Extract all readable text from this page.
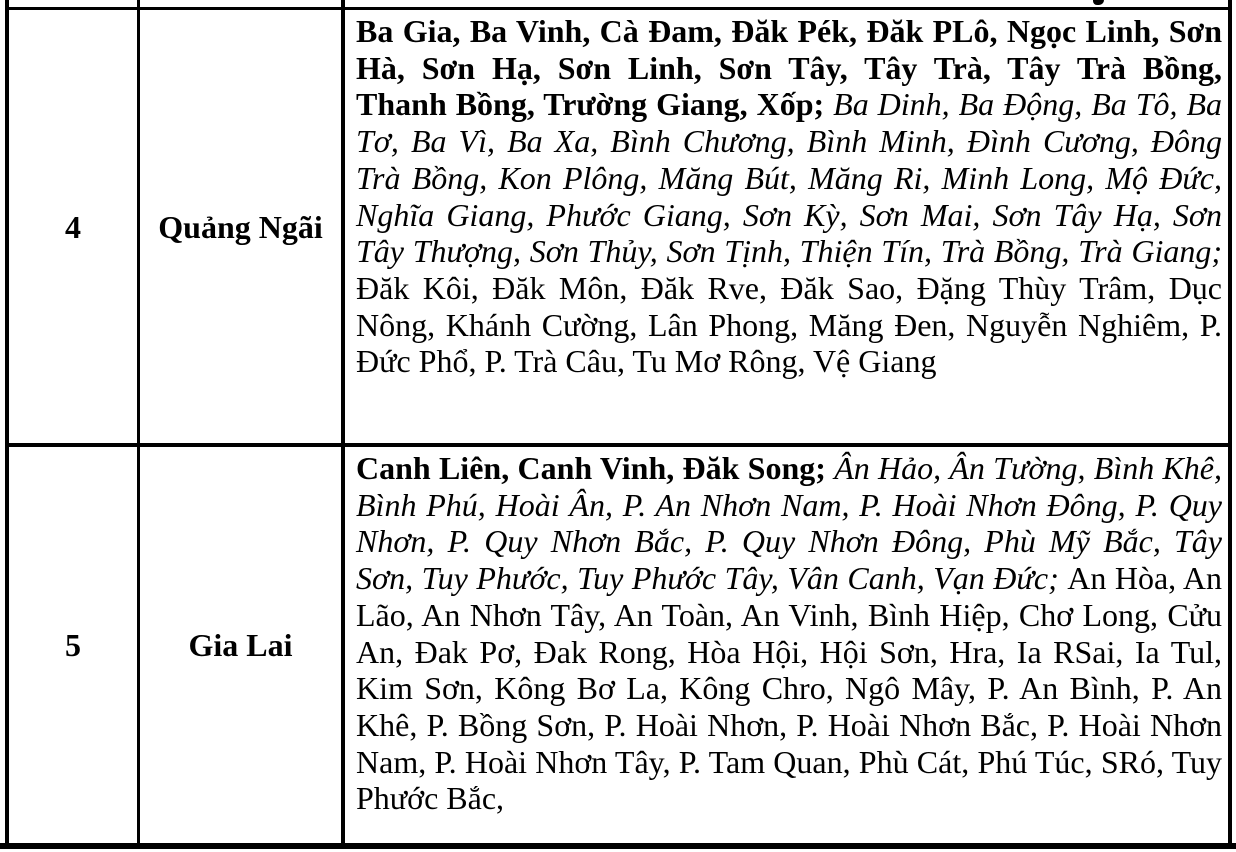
4 Quảng Ngãi
Ba Gia, Ba Vinh, Cà Đam, Đăk Pék, Đăk PLô, Ngọc Linh, Sơn Hà, Sơn Hạ, Sơn Linh, Sơn Tây, Tây Trà, Tây Trà Bồng, Thanh Bồng, Trường Giang, Xốp; Ba Dinh, Ba Động, Ba Tô, Ba Tơ, Ba Vì, Ba Xa, Bình Chương, Bình Minh, Đình Cương, Đông Trà Bồng, Kon Plông, Măng Bút, Măng Ri, Minh Long, Mộ Đức, Nghĩa Giang, Phước Giang, Sơn Kỳ, Sơn Mai, Sơn Tây Hạ, Sơn Tây Thượng, Sơn Thủy, Sơn Tịnh, Thiện Tín, Trà Bồng, Trà Giang; Đăk Kôi, Đăk Môn, Đăk Rve, Đăk Sao, Đặng Thùy Trâm, Dục Nông, Khánh Cường, Lân Phong, Măng Đen, Nguyễn Nghiêm, P. Đức Phổ, P. Trà Câu, Tu Mơ Rông, Vệ Giang
5	Gia Lai
Canh Liên, Canh Vinh, Đăk Song; Ân Hảo, Ân Tường, Bình Khê, Bình Phú, Hoài Ân, P. An Nhơn Nam, P. Hoài Nhơn Đông, P. Quy Nhơn, P. Quy Nhơn Bắc, P. Quy Nhơn Đông, Phù Mỹ Bắc, Tây Sơn, Tuy Phước, Tuy Phước Tây, Vân Canh, Vạn Đức; An Hòa, An Lão, An Nhơn Tây, An Toàn, An Vinh, Bình Hiệp, Chơ Long, Cửu An, Đak Pơ, Đak Rong, Hòa Hội, Hội Sơn, Hra, Ia RSai, Ia Tul, Kim Sơn, Kông Bơ La, Kông Chro, Ngô Mây, P. An Bình, P. An Khê, P. Bồng Sơn, P. Hoài Nhơn, P. Hoài Nhơn Bắc, P. Hoài Nhơn Nam, P. Hoài Nhơn Tây, P. Tam Quan, Phù Cát, Phú Túc, SRó, Tuy Phước Bắc,
